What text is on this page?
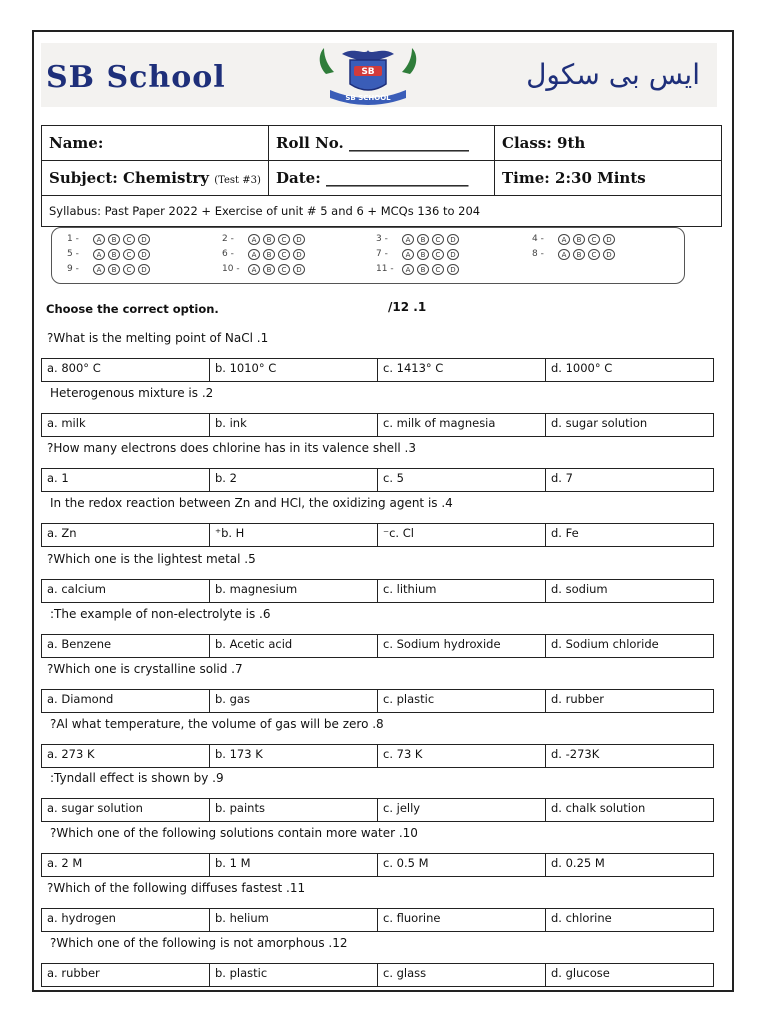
SB School	ایس بی سکول
SB
SB SCHOOL
Name:	Roll No. ________________	Class: 9th
Subject: Chemistry (Test #3)	Date: ___________________	Time: 2:30 Mints
Syllabus: Past Paper 2022 + Exercise of unit # 5 and 6 + MCQs 136 to 204		
Choose the correct option.	/12 .1
?What is the melting point of NaCl .1
a. 800° C	b. 1010° C	c. 1413° C	d. 1000° C
Heterogenous mixture is .2
a. milk	b. ink	c. milk of magnesia	d. sugar solution
?How many electrons does chlorine has in its valence shell .3
a. 1	b. 2	c. 5	d. 7
In the redox reaction between Zn and HCl, the oxidizing agent is .4
a. Zn	⁺b. H	⁻c. Cl	d. Fe
?Which one is the lightest metal .5
a. calcium	b. magnesium	c. lithium	d. sodium
:The example of non-electrolyte is .6
a. Benzene	b. Acetic acid	c. Sodium hydroxide	d. Sodium chloride
?Which one is crystalline solid .7
a. Diamond	b. gas	c. plastic	d. rubber
?Al what temperature, the volume of gas will be zero .8
a. 273 K	b. 173 K	c. 73 K	d. -273K
:Tyndall effect is shown by .9
a. sugar solution	b. paints	c. jelly	d. chalk solution
?Which one of the following solutions contain more water .10
a. 2 M	b. 1 M	c. 0.5 M	d. 0.25 M
?Which of the following diffuses fastest .11
a. hydrogen	b. helium	c. fluorine	d. chlorine
?Which one of the following is not amorphous .12
a. rubber	b. plastic	c. glass	d. glucose
1 -	A	B	C	D	2 -	A	B	C	D	3 -	A	B	C	D	4 -	A	B	C	D
5 -	A	B	C	D	6 -	A	B	C	D	7 -	A	B	C	D	8 -	A	B	C	D
9 -	A	B	C	D	10 -	A	B	C	D	11 -	A	B	C	D
